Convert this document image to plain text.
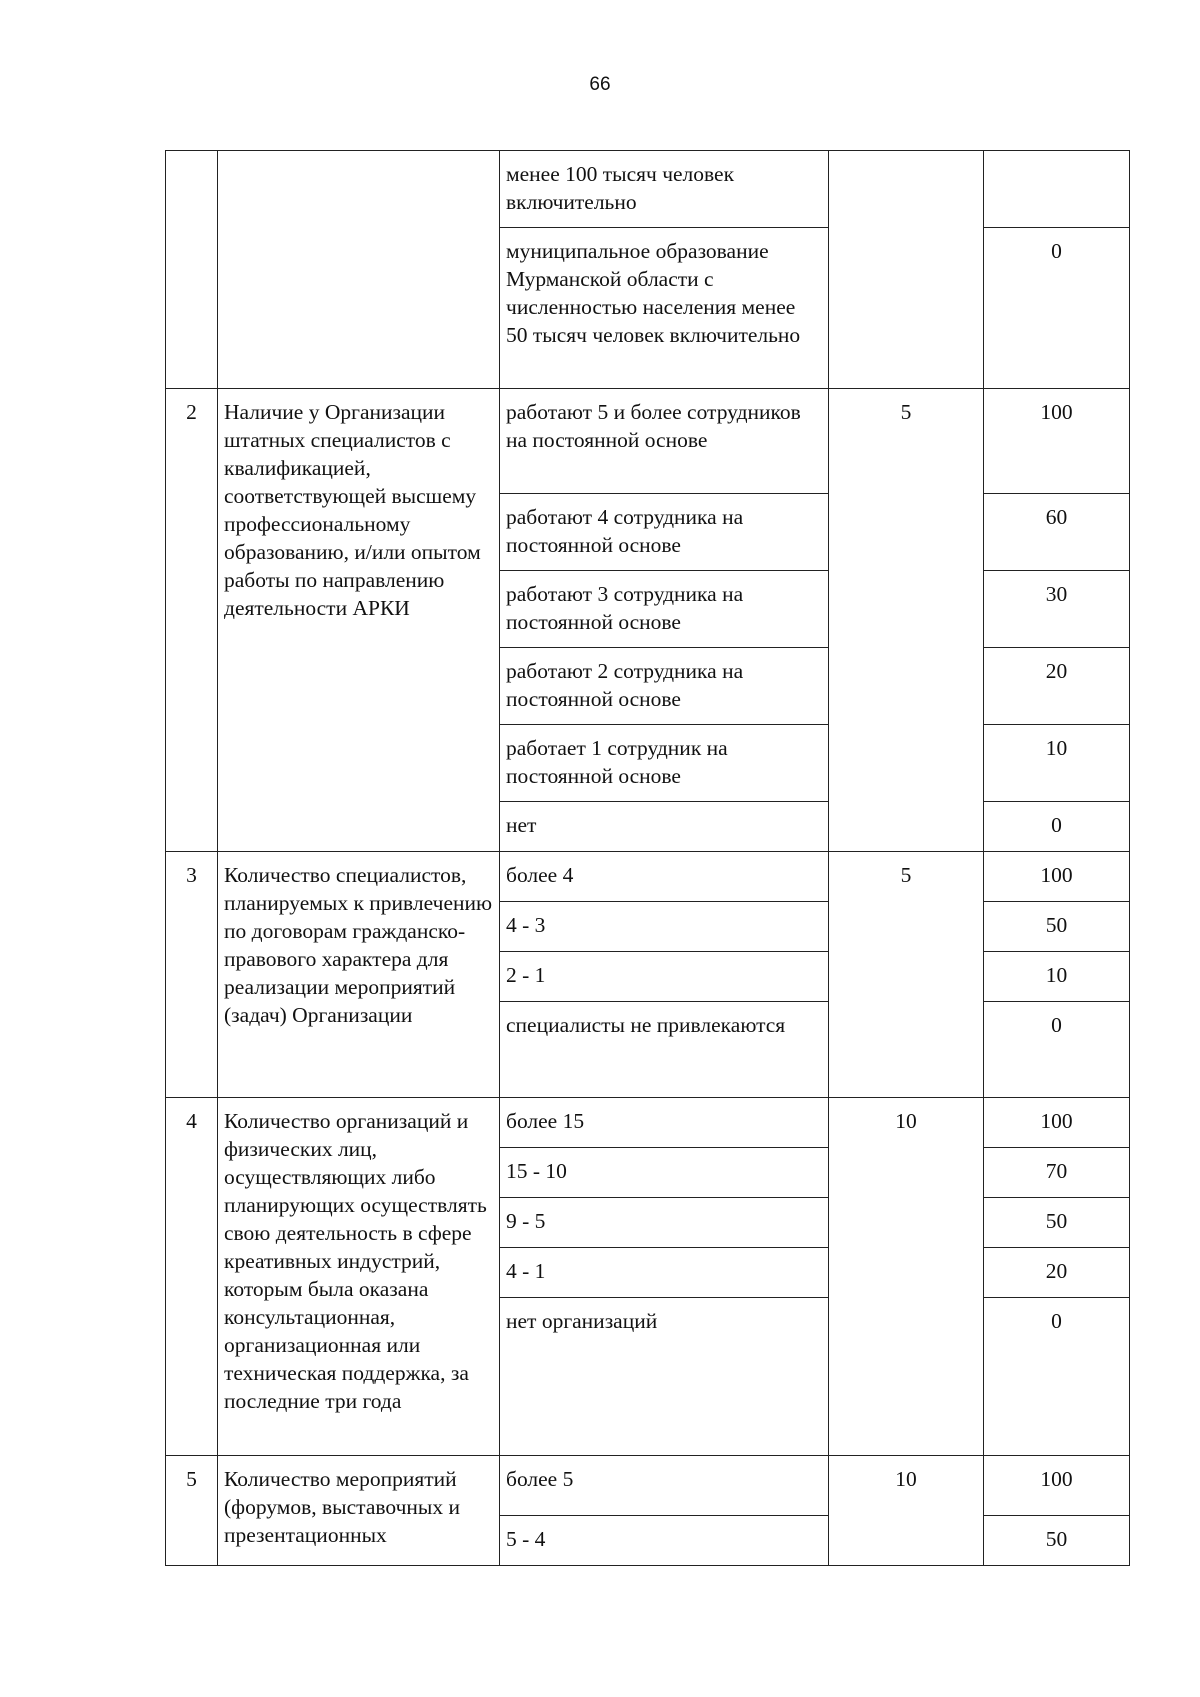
66
		менее 100 тысяч человек включительно		
		муниципальное образование Мурманской области с численностью населения менее 50 тысяч человек включительно		0
2	Наличие у Организации штатных специалистов с квалификацией, соответствующей высшему профессиональному образованию, и/или опытом работы по направлению деятельности АРКИ	работают 5 и более сотрудников на постоянной основе	5	100
		работают 4 сотрудника на постоянной основе		60
		работают 3 сотрудника на постоянной основе		30
		работают 2 сотрудника на постоянной основе		20
		работает 1 сотрудник на постоянной основе		10
		нет		0
3	Количество специалистов, планируемых к привлечению по договорам гражданско-правового характера для реализации мероприятий (задач) Организации	более 4	5	100
		4 - 3		50
		2 - 1		10
		специалисты не привлекаются		0
4	Количество организаций и физических лиц, осуществляющих либо планирующих осуществлять свою деятельность в сфере креативных индустрий, которым была оказана консультационная, организационная или техническая поддержка, за последние три года	более 15	10	100
		15 - 10		70
		9 - 5		50
		4 - 1		20
		нет организаций		0
5	Количество мероприятий (форумов, выставочных и презентационных	более 5	10	100
		5 - 4		50
